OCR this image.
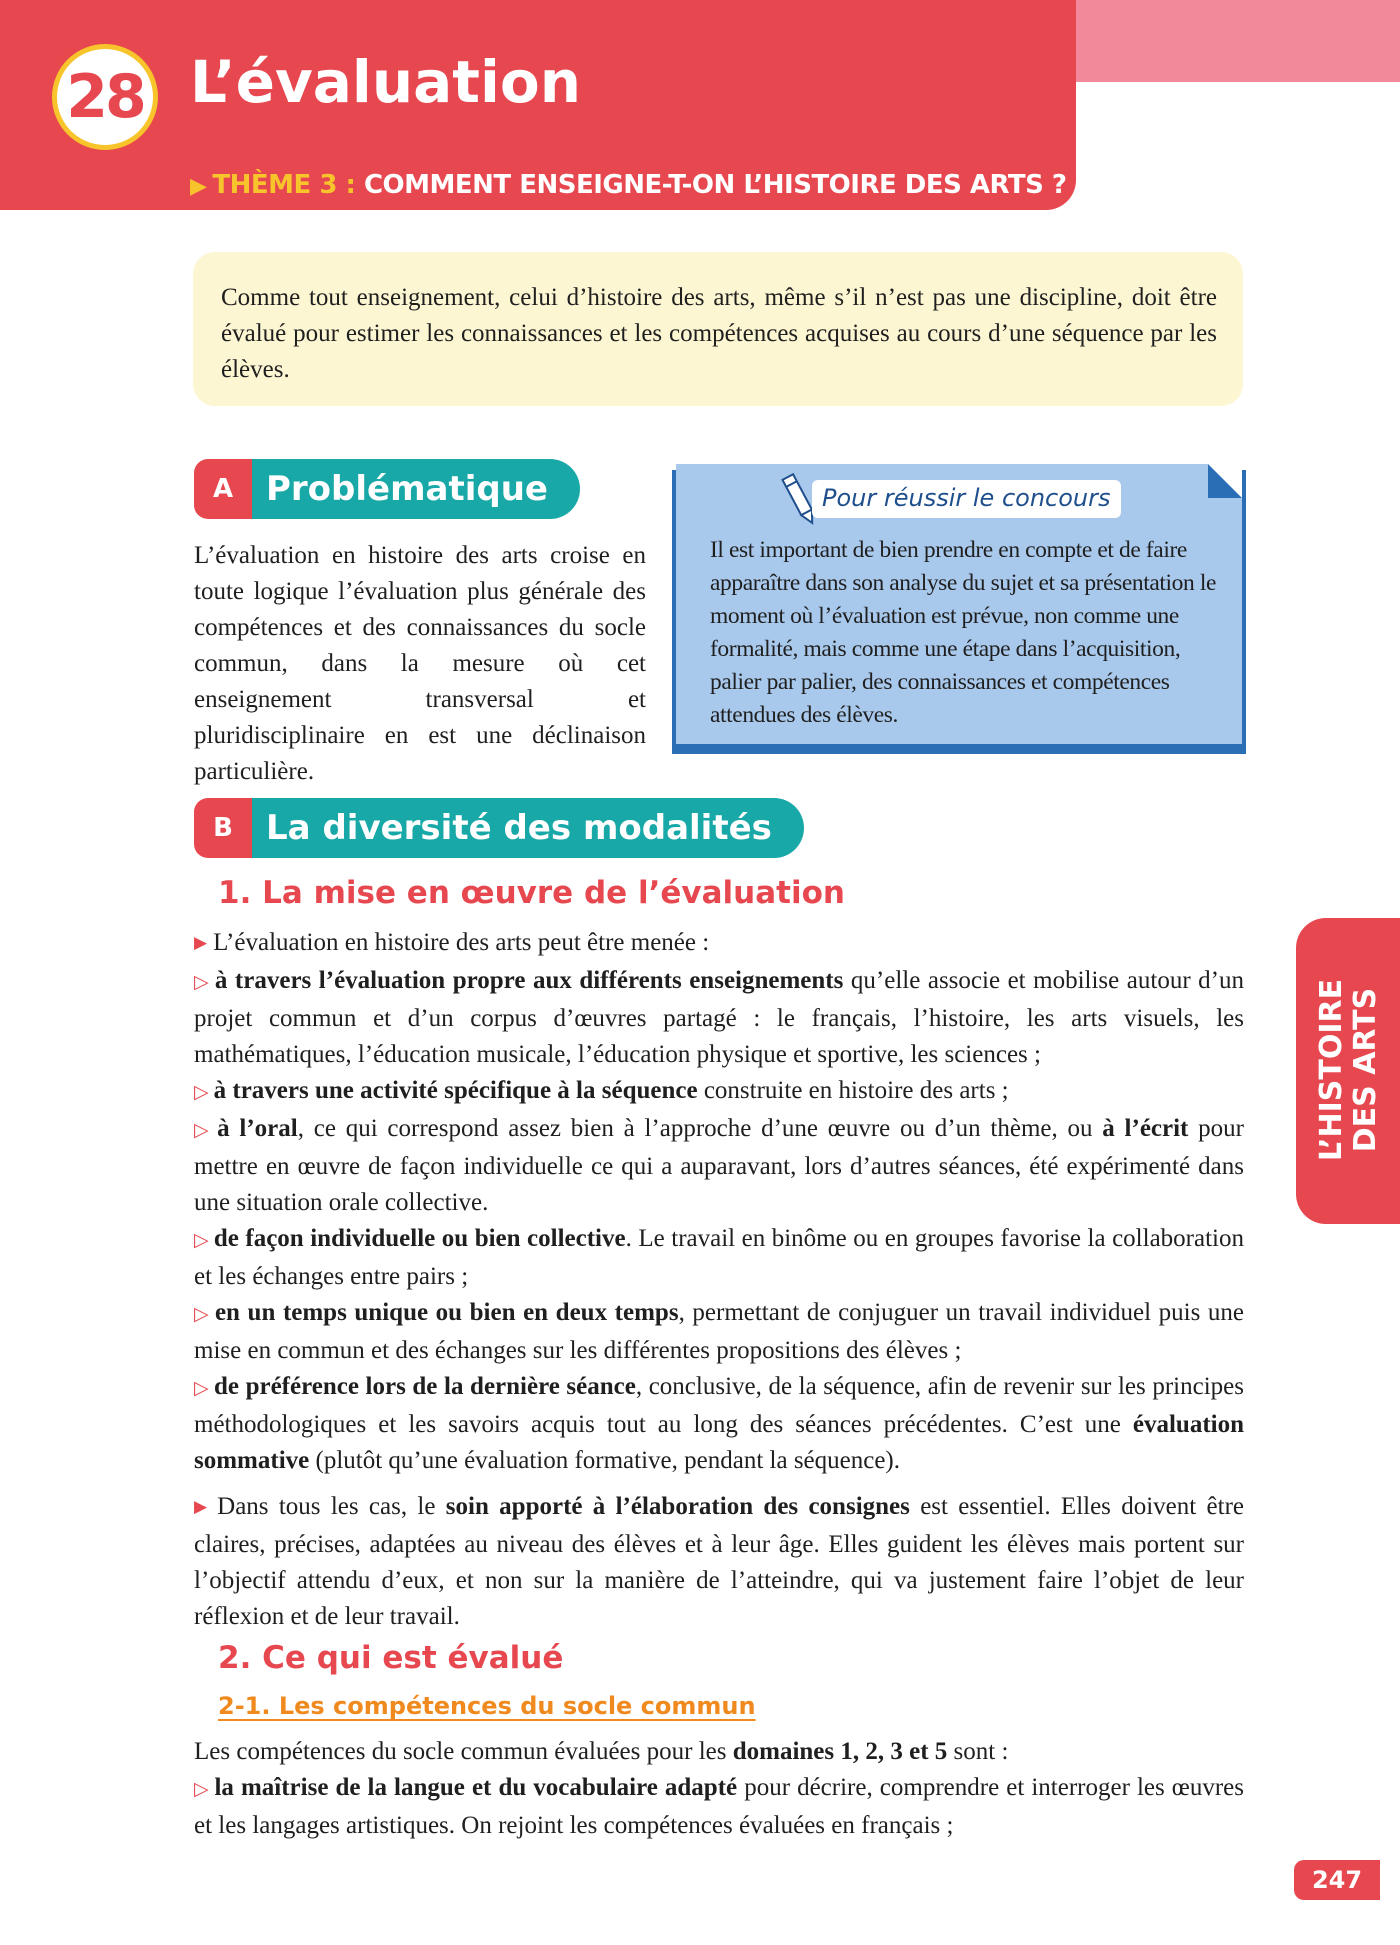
28 L’évaluation
▶ THÈME 3 : COMMENT ENSEIGNE-T-ON L’HISTOIRE DES ARTS ?
Comme tout enseignement, celui d’histoire des arts, même s’il n’est pas une discipline, doit être évalué pour estimer les connaissances et les compétences acquises au cours d’une séquence par les élèves.
A Problématique
L’évaluation en histoire des arts croise en toute logique l’évaluation plus générale des compétences et des connaissances du socle commun, dans la mesure où cet enseignement transversal et pluridisciplinaire en est une déclinaison particulière.
Il est important de bien prendre en compte et de faire apparaître dans son analyse du sujet et sa présentation le moment où l’évaluation est prévue, non comme une formalité, mais comme une étape dans l’acquisition, palier par palier, des connaissances et compétences attendues des élèves.
Pour réussir le concours
B La diversité des modalités
1. La mise en œuvre de l’évaluation

▶ L’évaluation en histoire des arts peut être menée :

▷ à travers l’évaluation propre aux différents enseignements qu’elle associe et mobilise autour d’un projet commun et d’un corpus d’œuvres partagé : le français, l’histoire, les arts visuels, les mathématiques, l’éducation musicale, l’éducation physique et sportive, les sciences ;

▷ à travers une activité spécifique à la séquence construite en histoire des arts ;

▷ à l’oral, ce qui correspond assez bien à l’approche d’une œuvre ou d’un thème, ou à l’écrit pour mettre en œuvre de façon individuelle ce qui a auparavant, lors d’autres séances, été expérimenté dans une situation orale collective.

▷ de façon individuelle ou bien collective. Le travail en binôme ou en groupes favorise la collaboration et les échanges entre pairs ;

▷ en un temps unique ou bien en deux temps, permettant de conjuguer un travail individuel puis une mise en commun et des échanges sur les différentes propositions des élèves ;

▷ de préférence lors de la dernière séance, conclusive, de la séquence, afin de revenir sur les principes méthodologiques et les savoirs acquis tout au long des séances précédentes. C’est une évaluation sommative (plutôt qu’une évaluation formative, pendant la séquence).

▶ Dans tous les cas, le soin apporté à l’élaboration des consignes est essentiel. Elles doivent être claires, précises, adaptées au niveau des élèves et à leur âge. Elles guident les élèves mais portent sur l’objectif attendu d’eux, et non sur la manière de l’atteindre, qui va justement faire l’objet de leur réflexion et de leur travail.

2. Ce qui est évalué
2-1. Les compétences du socle commun

Les compétences du socle commun évaluées pour les domaines 1, 2, 3 et 5 sont :

▷ la maîtrise de la langue et du vocabulaire adapté pour décrire, comprendre et interroger les œuvres et les langages artistiques. On rejoint les compétences évaluées en français ;

L’HISTOIRE DES ARTS
247
